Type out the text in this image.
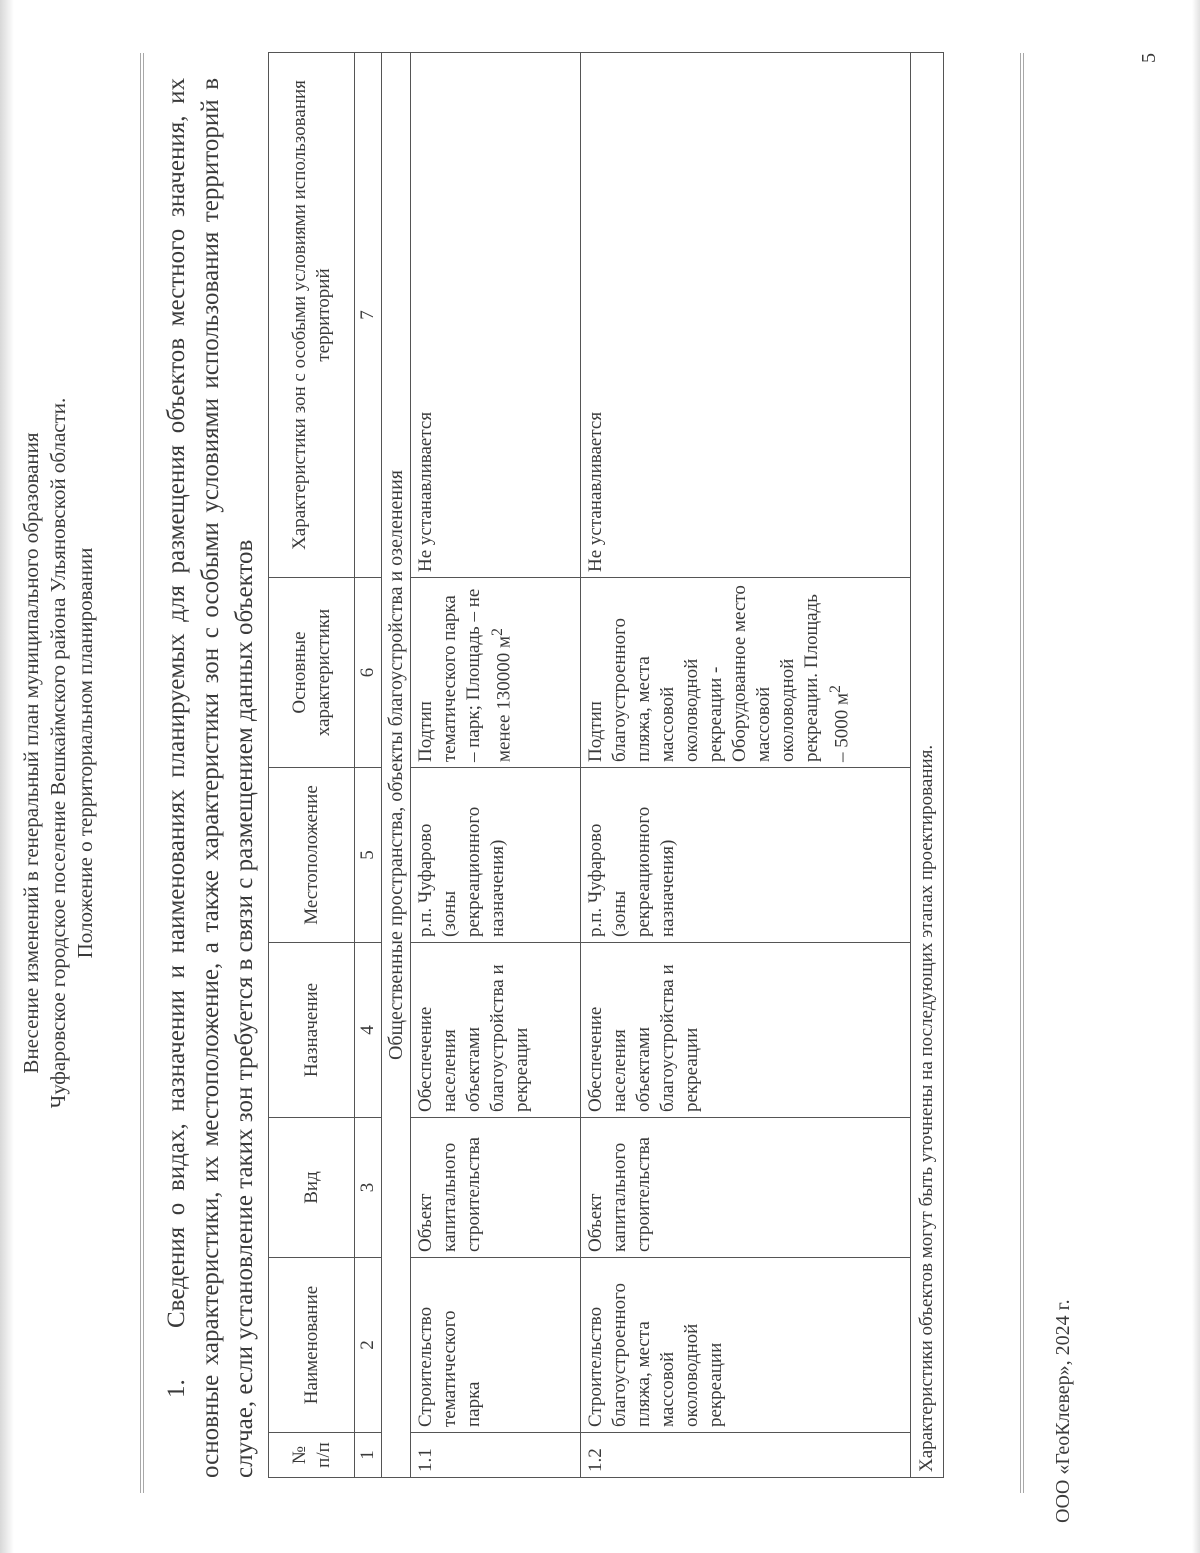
Внесение изменений в генеральный план муниципального образования Чуфаровское городское поселение Вешкаймского района Ульяновской области. Положение о территориальном планировании

1.Сведения о видах, назначении и наименованиях планируемых для размещения объектов местного значения, их основные характеристики, их местоположение, а также характеристики зон с особыми условиями использования территорий в случае, если установление таких зон требуется в связи с размещением данных объектов № п/п	Наименование	Вид	Назначение	Местоположение	Основные характеристики	Характеристики зон с особыми условиями использования территорий
1	2	3	4	5	6	7
Общественные пространства, объекты благоустройства и озеленения						
1.1	Строительство тематического парка	Объект капитального строительства	Обеспечение населения объектами благоустройства и рекреации	р.п. Чуфарово (зоны рекреационного назначения)	Подтип тематического парка – парк; Площадь – не менее 130000 $м^2$	Не устанавливается
1.2	Строительство благоустроенного пляжа, места массовой околоводной рекреации	Объект капитального строительства	Обеспечение населения объектами благоустройства и рекреации	р.п. Чуфарово (зоны рекреационного назначения)	Подтип благоустроенного пляжа, места массовой околоводной рекреации - Оборудованное место массовой околоводной рекреации. Площадь – 5000 $м^2$	Не устанавливается
Характеристики объектов могут быть уточнены на последующих этапах проектирования.							ООО «ГеоКлевер», 2024 г.
5
